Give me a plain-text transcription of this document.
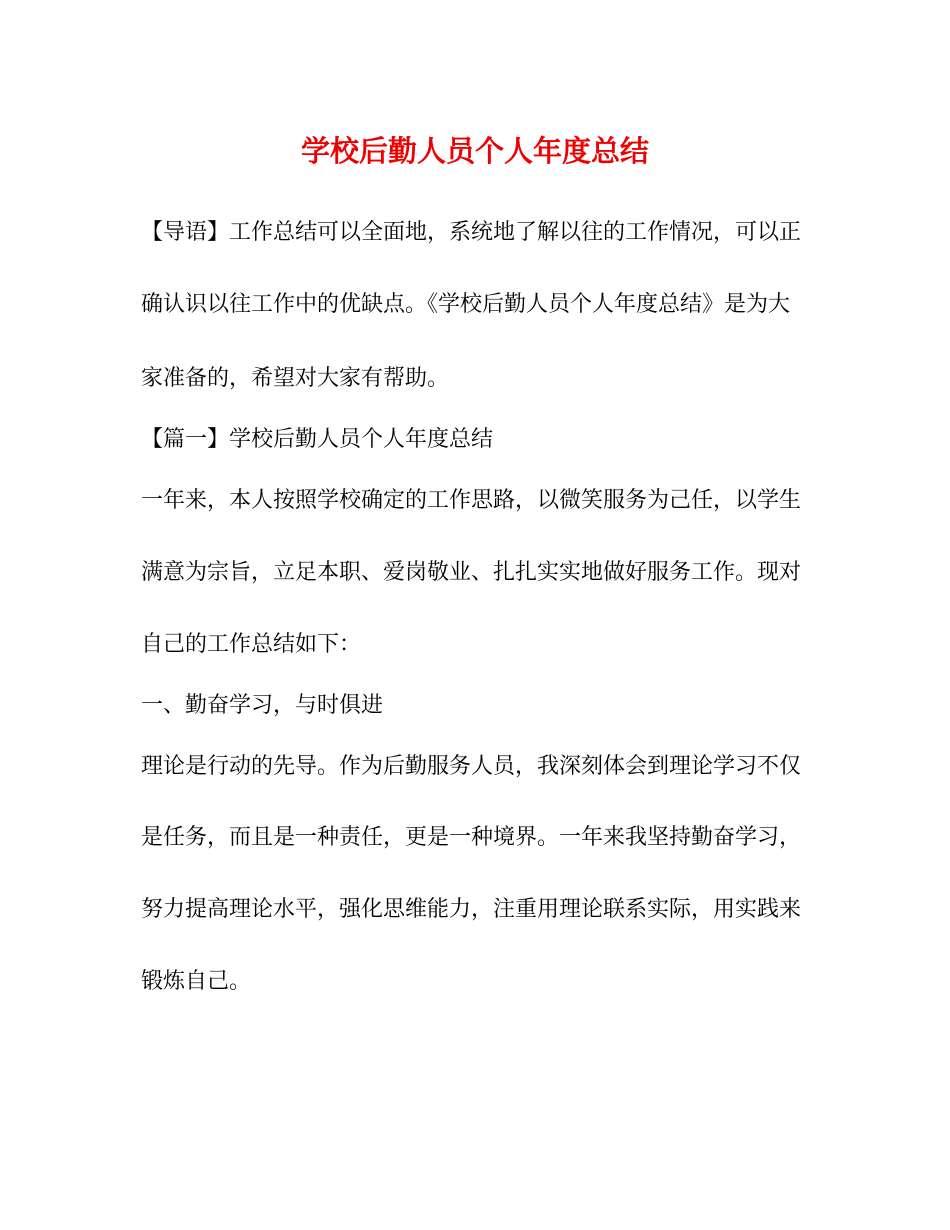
学校后勤人员个人年度总结
【导语】工作总结可以全面地，系统地了解以往的工作情况，可以正
确认识以往工作中的优缺点。《学校后勤人员个人年度总结》是为大
家准备的，希望对大家有帮助。
【篇一】学校后勤人员个人年度总结
一年来，本人按照学校确定的工作思路，以微笑服务为己任，以学生
满意为宗旨，立足本职、爱岗敬业、扎扎实实地做好服务工作。现对
自己的工作总结如下：
一、勤奋学习，与时俱进
理论是行动的先导。作为后勤服务人员，我深刻体会到理论学习不仅
是任务，而且是一种责任，更是一种境界。一年来我坚持勤奋学习，
努力提高理论水平，强化思维能力，注重用理论联系实际，用实践来
锻炼自己。
